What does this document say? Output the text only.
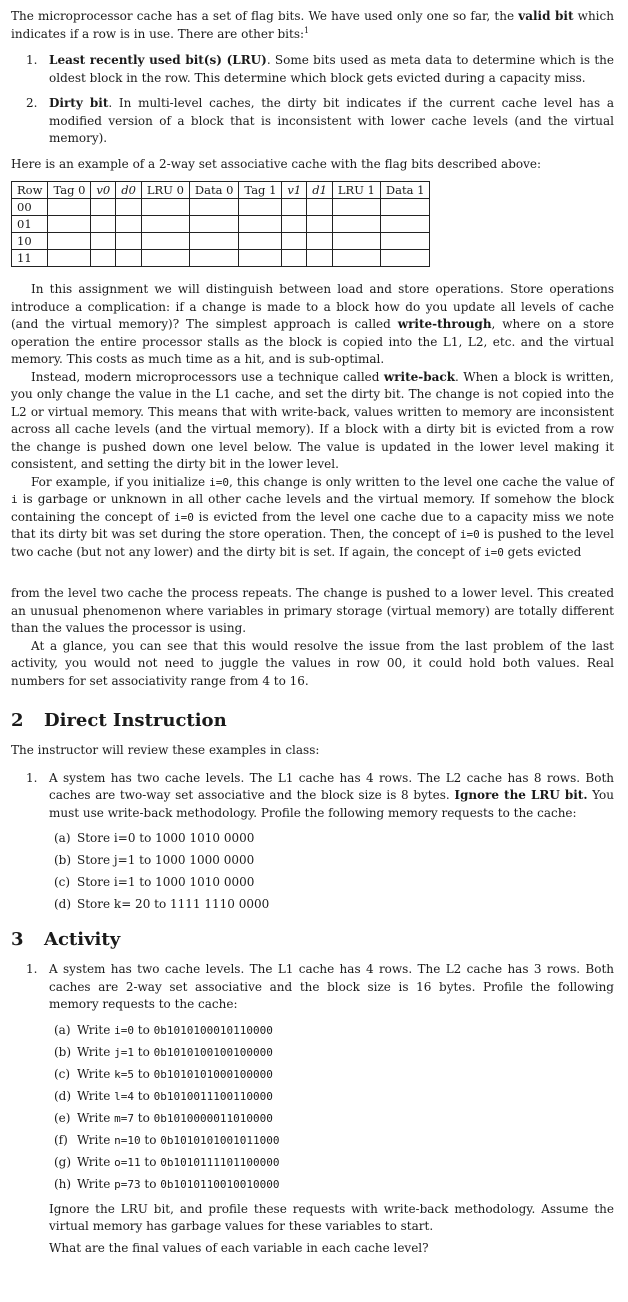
The microprocessor cache has a set of flag bits. We have used only one so far, the valid bit which indicates if a row is in use. There are other bits:$^1$

1. Least recently used bit(s) (LRU). Some bits used as meta data to determine which is the oldest block in the row. This determine which block gets evicted during a capacity miss.
2. Dirty bit. In multi-level caches, the dirty bit indicates if the current cache level has a modified version of a block that is inconsistent with lower cache levels (and the virtual memory).

Here is an example of a 2-way set associative cache with the flag bits described above:

Row	Tag 0	v0	d0	LRU 0	Data 0	Tag 1	v1	d1	LRU 1	Data 1
00										
01										
10										
11										

In this assignment we will distinguish between load and store operations. Store operations introduce a complication: if a change is made to a block how do you update all levels of cache (and the virtual memory)? The simplest approach is called write-through, where on a store operation the entire processor stalls as the block is copied into the L1, L2, etc. and the virtual memory. This costs as much time as a hit, and is sub-optimal.

Instead, modern microprocessors use a technique called write-back. When a block is written, you only change the value in the L1 cache, and set the dirty bit. The change is not copied into the L2 or virtual memory. This means that with write-back, values written to memory are inconsistent across all cache levels (and the virtual memory). If a block with a dirty bit is evicted from a row the change is pushed down one level below. The value is updated in the lower level making it consistent, and setting the dirty bit in the lower level.

For example, if you initialize i=0, this change is only written to the level one cache the value of i is garbage or unknown in all other cache levels and the virtual memory. If somehow the block containing the concept of i=0 is evicted from the level one cache due to a capacity miss we note that its dirty bit was set during the store operation. Then, the concept of i=0 is pushed to the level two cache (but not any lower) and the dirty bit is set. If again, the concept of i=0 gets evicted

from the level two cache the process repeats. The change is pushed to a lower level. This created an unusual phenomenon where variables in primary storage (virtual memory) are totally different than the values the processor is using.

At a glance, you can see that this would resolve the issue from the last problem of the last activity, you would not need to juggle the values in row 00, it could hold both values. Real numbers for set associativity range from 4 to 16.

2 Direct Instruction

The instructor will review these examples in class:

1. A system has two cache levels. The L1 cache has 4 rows. The L2 cache has 8 rows. Both caches are two-way set associative and the block size is 8 bytes. Ignore the LRU bit. You must use write-back methodology. Profile the following memory requests to the cache:
(a) Store i=0 to 1000 1010 0000
(b) Store j=1 to 1000 1000 0000
(c) Store i=1 to 1000 1010 0000
(d) Store k= 20 to 1111 1110 0000
3 Activity
1. A system has two cache levels. The L1 cache has 4 rows. The L2 cache has 3 rows. Both caches are 2-way set associative and the block size is 16 bytes. Profile the following memory requests to the cache:
(a) Write i=0 to 0b1010100010110000
(b) Write j=1 to 0b1010100100100000
(c) Write k=5 to 0b1010101000100000
(d) Write l=4 to 0b1010011100110000
(e) Write m=7 to 0b1010000011010000
(f) Write n=10 to 0b1010101001011000
(g) Write o=11 to 0b1010111101100000
(h) Write p=73 to 0b1010110010010000

Ignore the LRU bit, and profile these requests with write-back methodology. Assume the virtual memory has garbage values for these variables to start.

What are the final values of each variable in each cache level?
